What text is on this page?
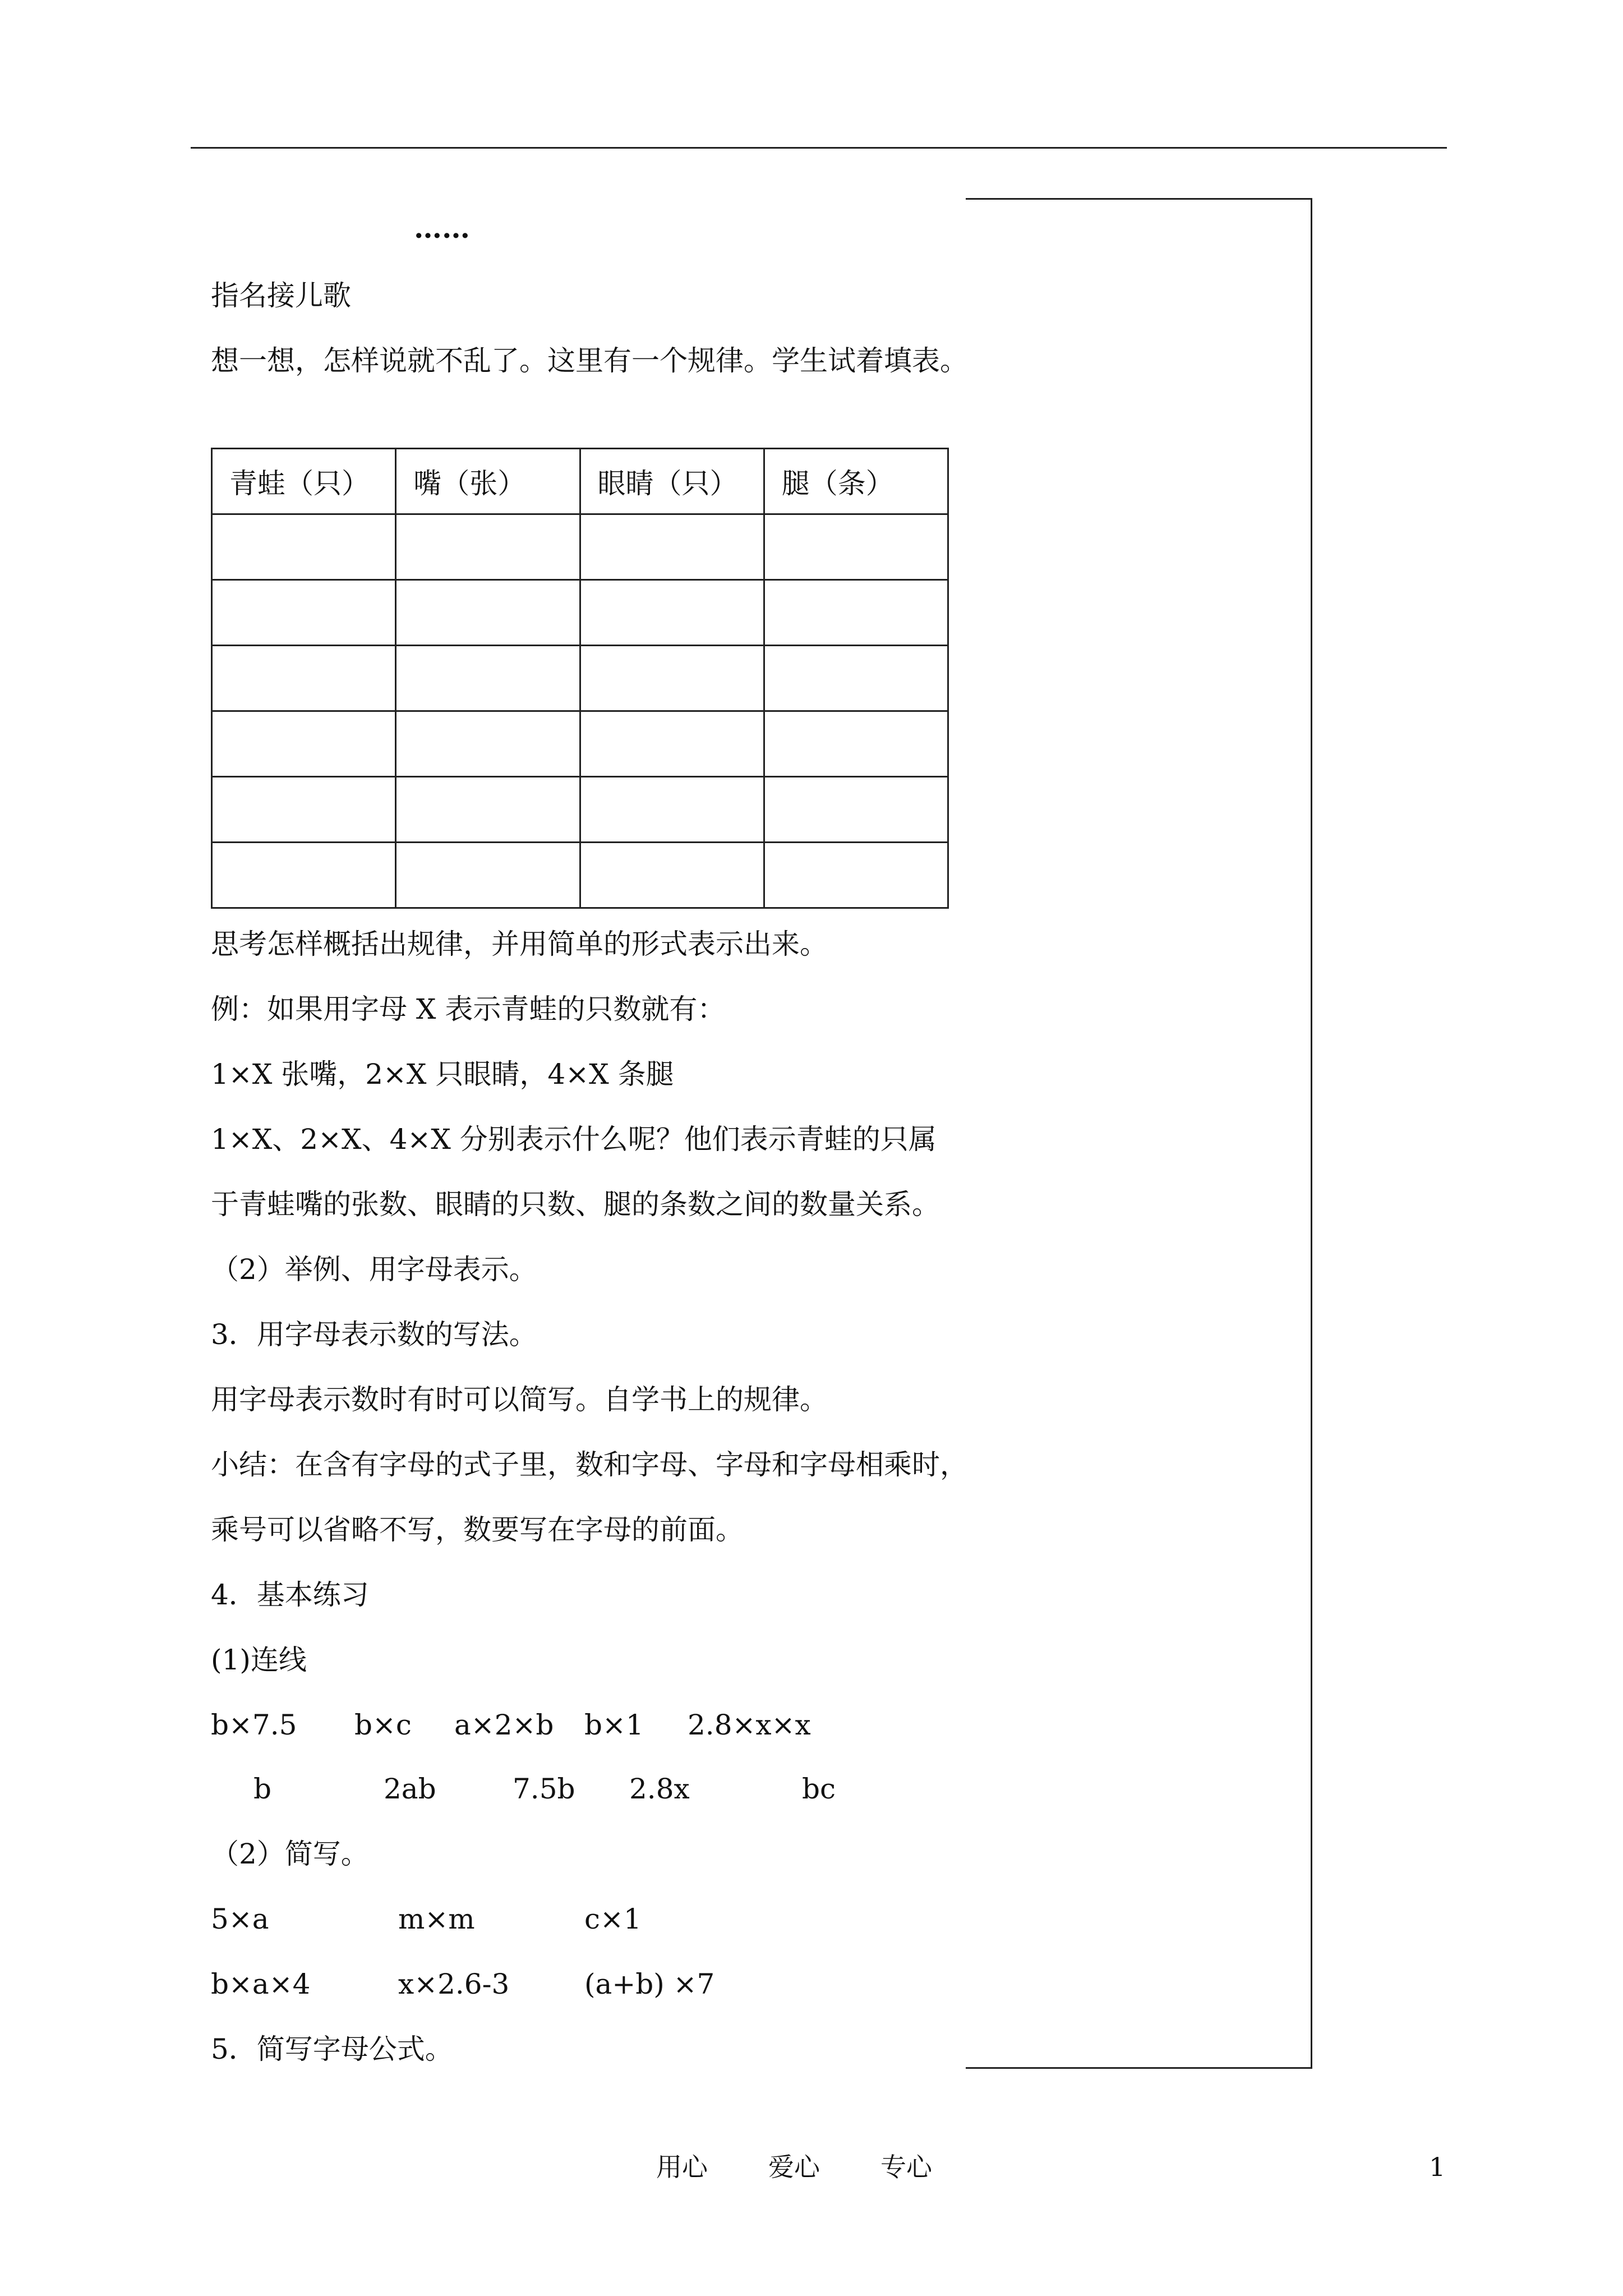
……
指名接儿歌
想一想，怎样说就不乱了。这里有一个规律。学生试着填表。
青蛙（只）	嘴（张）	眼睛（只）	腿（条）

思考怎样概括出规律，并用简单的形式表示出来。
例：如果用字母 X 表示青蛙的只数就有：
1×X 张嘴，2×X 只眼睛，4×X 条腿
1×X、2×X、4×X 分别表示什么呢？他们表示青蛙的只属
于青蛙嘴的张数、眼睛的只数、腿的条数之间的数量关系。
（2）举例、用字母表示。
3．用字母表示数的写法。
用字母表示数时有时可以简写。自学书上的规律。
小结：在含有字母的式子里，数和字母、字母和字母相乘时，
乘号可以省略不写，数要写在字母的前面。
4．基本练习
(1)连线
b×7.5 b×c a×2×b b×1 2.8×x×x
b	2ab	7.5b 2.8x	bc
（2）简写。
5×a	m×m	c×1
b×a×4	x×2.6-3	(a+b) ×7
5．简写字母公式。
用心 爱心 专心	1
